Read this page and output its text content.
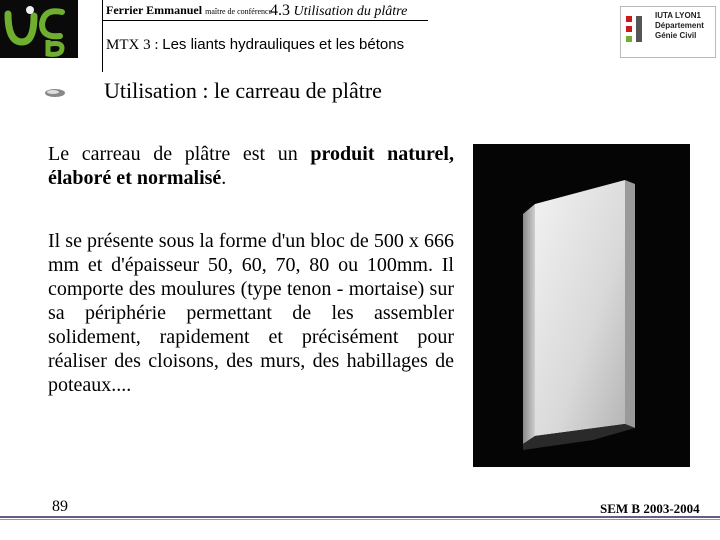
Ferrier Emmanuel maître de conférence
4.3 Utilisation du plâtre
MTX 3 : Les liants hydrauliques et les bétons
IUTA LYON1
Département
Génie Civil
Utilisation : le carreau de plâtre
Le carreau de plâtre est un produit naturel, élaboré et normalisé.
Il se présente sous la forme d'un bloc de 500 x 666 mm et d'épaisseur 50, 60, 70, 80 ou 100mm. Il comporte des moulures (type tenon - mortaise) sur sa périphérie permettant de les assembler solidement, rapidement et précisément pour réaliser des cloisons, des murs, des habillages de poteaux....
89	SEM B 2003-2004
